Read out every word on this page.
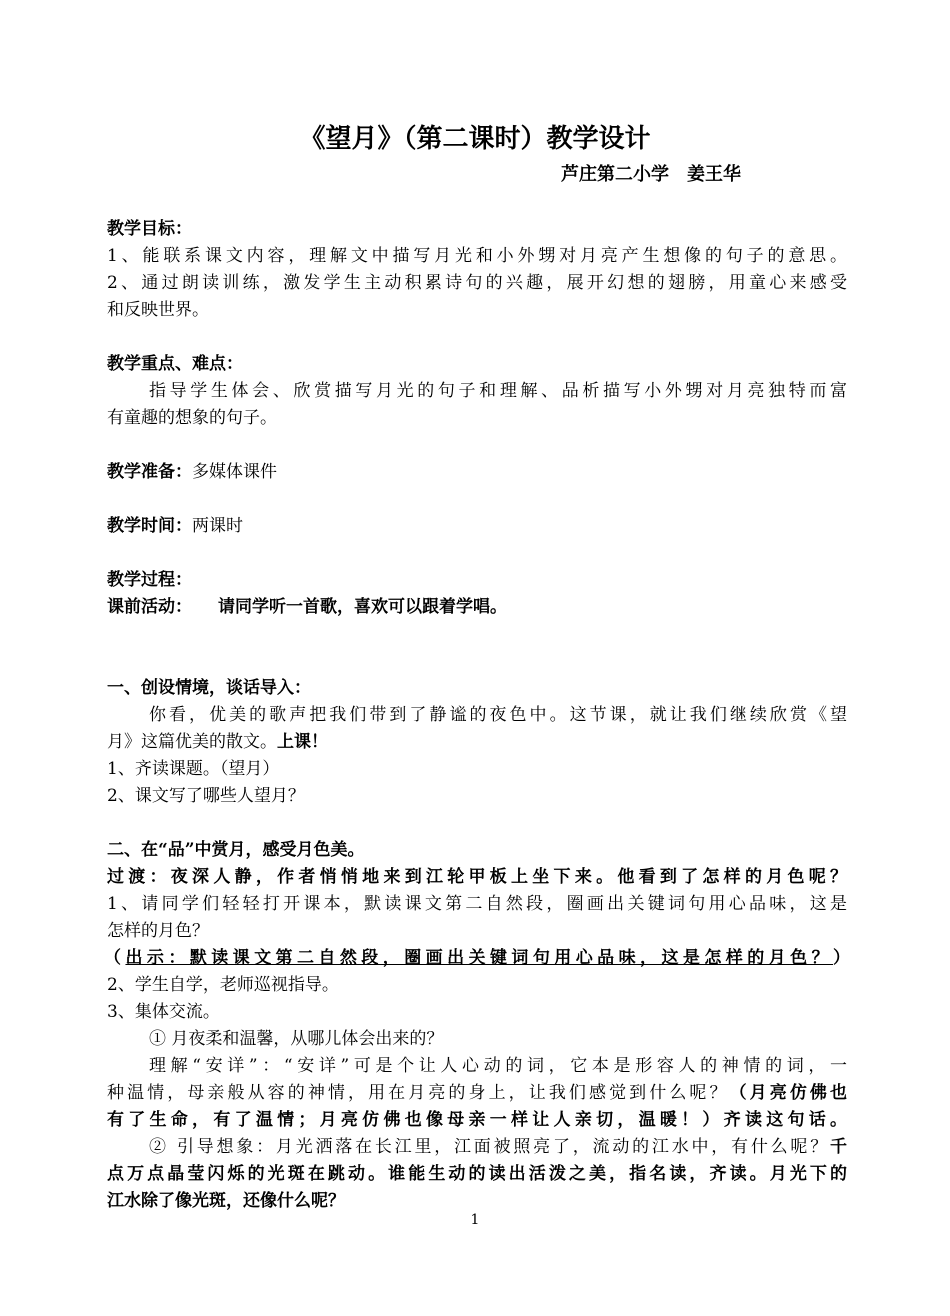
《望月》（第二课时）教学设计
芦庄第二小学 姜王华
教学目标：
1、能联系课文内容，理解文中描写月光和小外甥对月亮产生想像的句子的意思。
2、通过朗读训练，激发学生主动积累诗句的兴趣，展开幻想的翅膀，用童心来感受
和反映世界。
教学重点、难点：
指导学生体会、欣赏描写月光的句子和理解、品析描写小外甥对月亮独特而富
有童趣的想象的句子。
教学准备：多媒体课件
教学时间：两课时
教学过程：
课前活动： 请同学听一首歌，喜欢可以跟着学唱。
一、创设情境，谈话导入：
你看，优美的歌声把我们带到了静谧的夜色中。这节课，就让我们继续欣赏《望
月》这篇优美的散文。上课！
1、齐读课题。（望月）
2、课文写了哪些人望月？
二、在“品”中赏月，感受月色美。
过渡：夜深人静，作者悄悄地来到江轮甲板上坐下来。他看到了怎样的月色呢？
1、请同学们轻轻打开课本，默读课文第二自然段，圈画出关键词句用心品味，这是
怎样的月色？
（出示：默读课文第二自然段，圈画出关键词句用心品味，这是怎样的月色？）
2、学生自学，老师巡视指导。
3、集体交流。
① 月夜柔和温馨，从哪儿体会出来的？
理解“安详”：“安详”可是个让人心动的词，它本是形容人的神情的词，一
种温情，母亲般从容的神情，用在月亮的身上，让我们感觉到什么呢？（月亮仿佛也
有了生命，有了温情；月亮仿佛也像母亲一样让人亲切，温暖！）齐读这句话。
② 引导想象：月光洒落在长江里，江面被照亮了，流动的江水中，有什么呢？千
点万点晶莹闪烁的光斑在跳动。谁能生动的读出活泼之美，指名读，齐读。月光下的
江水除了像光斑，还像什么呢？
1
